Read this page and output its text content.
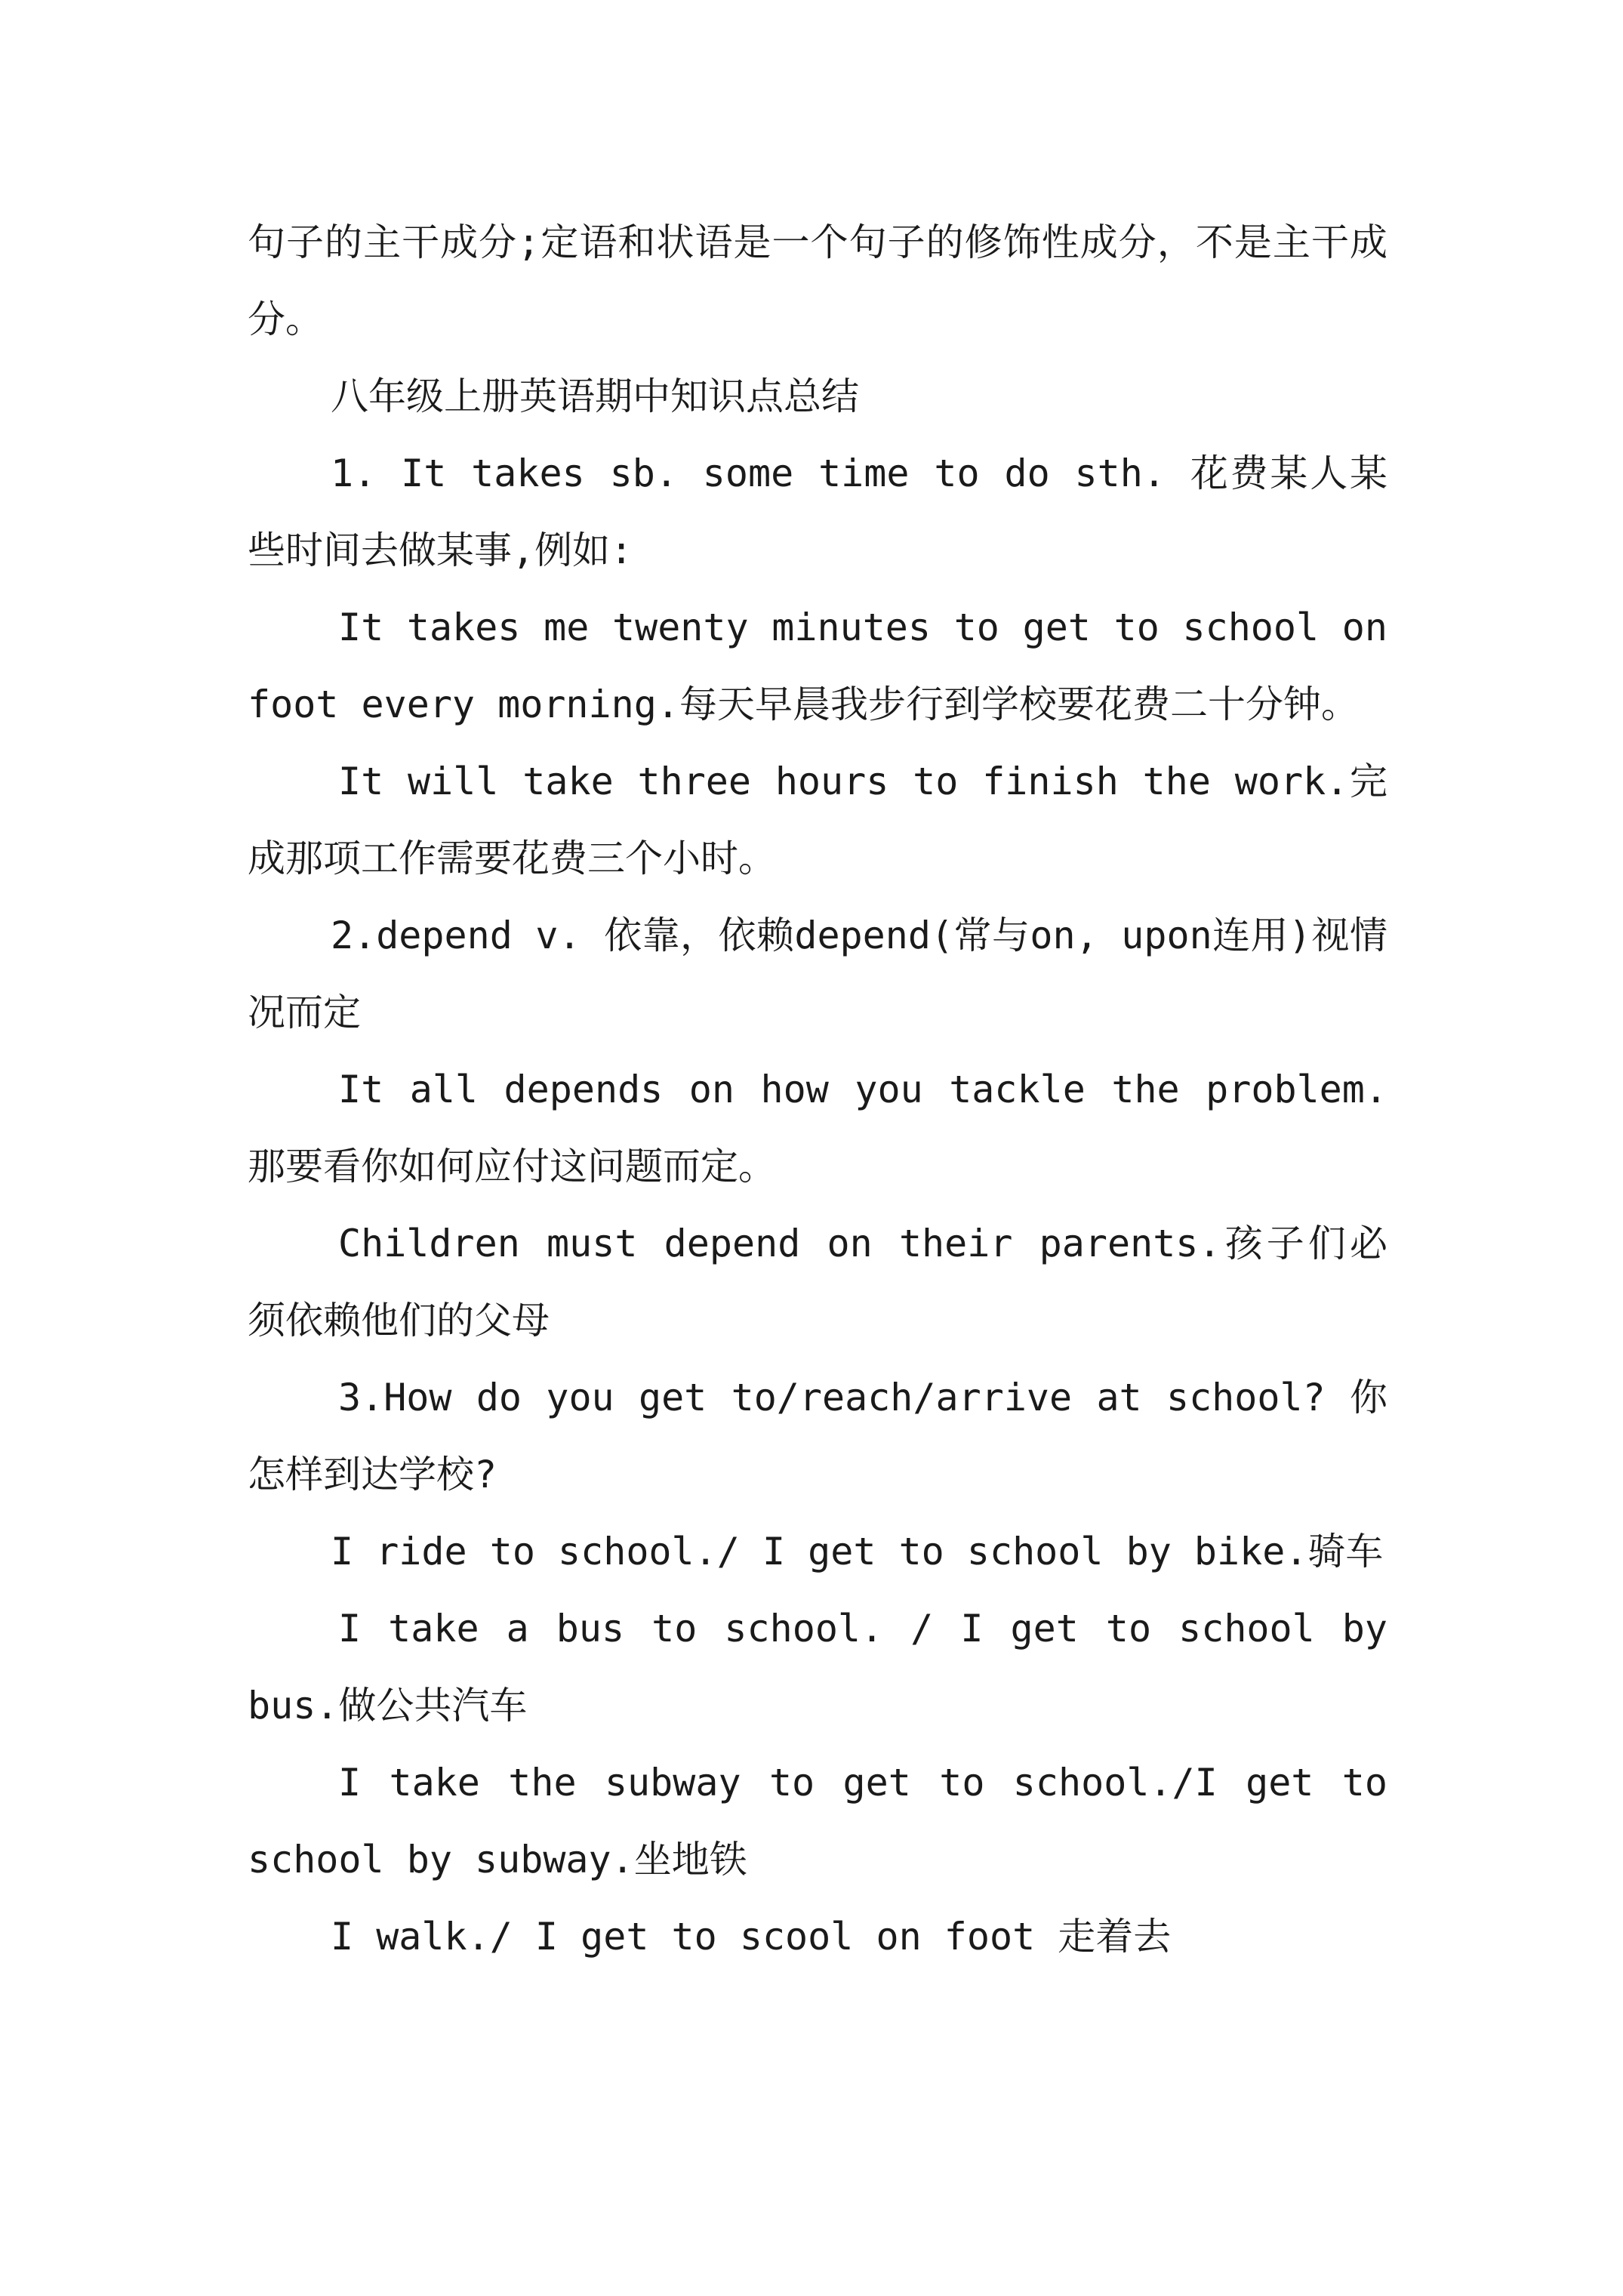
句子的主干成分;定语和状语是一个句子的修饰性成分，不是主干成分。

八年级上册英语期中知识点总结

1. It takes sb. some time to do sth. 花费某人某些时间去做某事,例如:

It takes me twenty minutes to get to school on foot every morning.每天早晨我步行到学校要花费二十分钟。

It will take three hours to finish the work.完成那项工作需要花费三个小时。

2.depend v. 依靠，依赖depend(常与on, upon连用)视情况而定

It all depends on how you tackle the problem.那要看你如何应付这问题而定。

Children must depend on their parents.孩子们必须依赖他们的父母

3.How do you get to/reach/arrive at school? 你怎样到达学校?

I ride to school./ I get to school by bike.骑车

I take a bus to school. / I get to school by bus.做公共汽车

I take the subway to get to school./I get to school by subway.坐地铁

I walk./ I get to scool on foot 走着去
